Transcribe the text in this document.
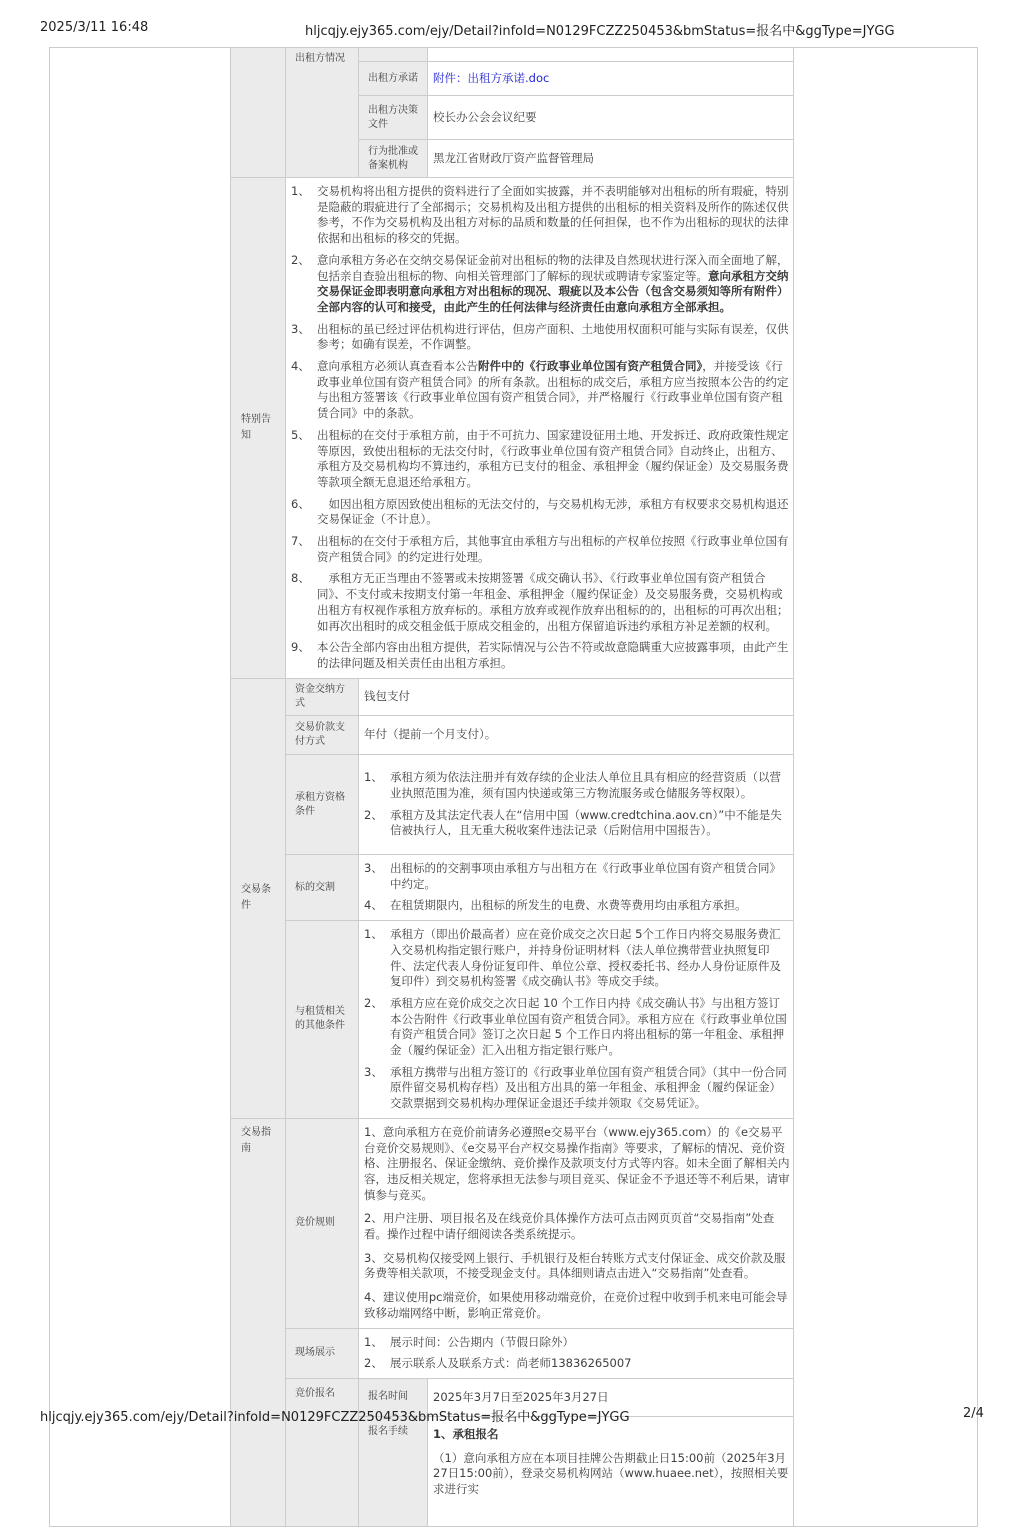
2025/3/11 16:48	hljcqjy.ejy365.com/ejy/Detail?infoId=N0129FCZZ250453&bmStatus=报名中&ggType=JYGG
		出租方情况			
			出租方承诺	附件：出租方承诺.doc	
			出租方决策文件	校长办公会会议纪要	
			行为批准或备案机构	黑龙江省财政厅资产监督管理局	
特别告知	
1、 交易机构将出租方提供的资料进行了全面如实披露，并不表明能够对出租标的所有瑕疵，特别是隐蔽的瑕疵进行了全部揭示；交易机构及出租方提供的出租标的相关资料及所作的陈述仅供参考，不作为交易机构及出租方对标的品质和数量的任何担保，也不作为出租标的现状的法律依据和出租标的移交的凭据。
2、 意向承租方务必在交纳交易保证金前对出租标的物的法律及自然现状进行深入而全面地了解，包括亲自查验出租标的物、向相关管理部门了解标的现状或聘请专家鉴定等。意向承租方交纳交易保证金即表明意向承租方对出租标的现况、瑕疵以及本公告（包含交易须知等所有附件）全部内容的认可和接受，由此产生的任何法律与经济责任由意向承租方全部承担。
3、 出租标的虽已经过评估机构进行评估，但房产面积、土地使用权面积可能与实际有误差，仅供参考；如确有误差，不作调整。
4、 意向承租方必须认真查看本公告附件中的《行政事业单位国有资产租赁合同》，并接受该《行政事业单位国有资产租赁合同》的所有条款。出租标的成交后，承租方应当按照本公告的约定与出租方签署该《行政事业单位国有资产租赁合同》，并严格履行《行政事业单位国有资产租赁合同》中的条款。
5、 出租标的在交付于承租方前，由于不可抗力、国家建设征用土地、开发拆迁、政府政策性规定等原因，致使出租标的无法交付时，《行政事业单位国有资产租赁合同》自动终止，出租方、承租方及交易机构均不算违约，承租方已支付的租金、承租押金（履约保证金）及交易服务费等款项全额无息退还给承租方。
6、 　如因出租方原因致使出租标的无法交付的，与交易机构无涉，承租方有权要求交易机构退还交易保证金（不计息）。
7、 出租标的在交付于承租方后，其他事宜由承租方与出租标的产权单位按照《行政事业单位国有资产租赁合同》的约定进行处理。
8、 　承租方无正当理由不签署或未按期签署《成交确认书》、《行政事业单位国有资产租赁合同》、不支付或未按期支付第一年租金、承租押金（履约保证金）及交易服务费，交易机构或出租方有权视作承租方放弃标的。承租方放弃或视作放弃出租标的的，出租标的可再次出租；如再次出租时的成交租金低于原成交租金的，出租方保留追诉违约承租方补足差额的权利。
9、 本公告全部内容由出租方提供，若实际情况与公告不符或故意隐瞒重大应披露事项，由此产生的法律问题及相关责任由出租方承担。

	交易条件	资金交纳方式	钱包支付		
		交易价款支付方式	年付（提前一个月支付）。		
		承租方资格条件	1、 承租方须为依法注册并有效存续的企业法人单位且具有相应的经营资质（以营业执照范围为准，须有国内快递或第三方物流服务或仓储服务等权限）。
2、 承租方及其法定代表人在“信用中国（www.credtchina.aov.cn）”中不能是失信被执行人，且无重大税收案件违法记录（后附信用中国报告）。		

		标的交割	3、 出租标的的交割事项由承租方与出租方在《行政事业单位国有资产租赁合同》中约定。
4、 在租赁期限内，出租标的所发生的电费、水费等费用均由承租方承担。		

与租赁相关的其他条件	
1、 承租方（即出价最高者）应在竞价成交之次日起 5个工作日内将交易服务费汇入交易机构指定银行账户，并持身份证明材料（法人单位携带营业执照复印件、法定代表人身份证复印件、单位公章、授权委托书、经办人身份证原件及复印件）到交易机构签署《成交确认书》等成交手续。
2、 承租方应在竞价成交之次日起 10 个工作日内持《成交确认书》与出租方签订本公告附件《行政事业单位国有资产租赁合同》。承租方应在《行政事业单位国有资产租赁合同》签订之次日起 5 个工作日内将出租标的第一年租金、承租押金（履约保证金）汇入出租方指定银行账户。
3、 承租方携带与出租方签订的《行政事业单位国有资产租赁合同》（其中一份合同原件留交易机构存档）及出租方出具的第一年租金、承租押金（履约保证金）交款票据到交易机构办理保证金退还手续并领取《交易凭证》。

	交易指南	竞价规则	1、意向承租方在竞价前请务必遵照e交易平台（www.ejy365.com）的《e交易平台竞价交易规则》、《e交易平台产权交易操作指南》等要求，了解标的情况、竞价资格、注册报名、保证金缴纳、竞价操作及款项支付方式等内容。如未全面了解相关内容，违反相关规定，您将承担无法参与项目竞买、保证金不予退还等不利后果，请审慎参与竞买。
2、用户注册、项目报名及在线竞价具体操作方法可点击网页页首“交易指南”处查看。操作过程中请仔细阅读各类系统提示。
3、交易机构仅接受网上银行、手机银行及柜台转账方式支付保证金、成交价款及服务费等相关款项，不接受现金支付。具体细则请点击进入“交易指南”处查看。
4、建议使用pc端竞价，如果使用移动端竞价，在竞价过程中收到手机来电可能会导致移动端网络中断，影响正常竞价。		

		现场展示	1、 展示时间：公告期内（节假日除外）
2、 展示联系人及联系方式：尚老师13836265007		

		竞价报名	报名时间	2025年3月7日至2025年3月27日	
			报名手续	1、承租报名
（1）意向承租方应在本项目挂牌公告期截止日15:00前（2025年3月27日15:00前），登录交易机构网站（www.huaee.net），按照相关要求进行实	
hljcqjy.ejy365.com/ejy/Detail?infoId=N0129FCZZ250453&bmStatus=报名中&ggType=JYGG	2/4
